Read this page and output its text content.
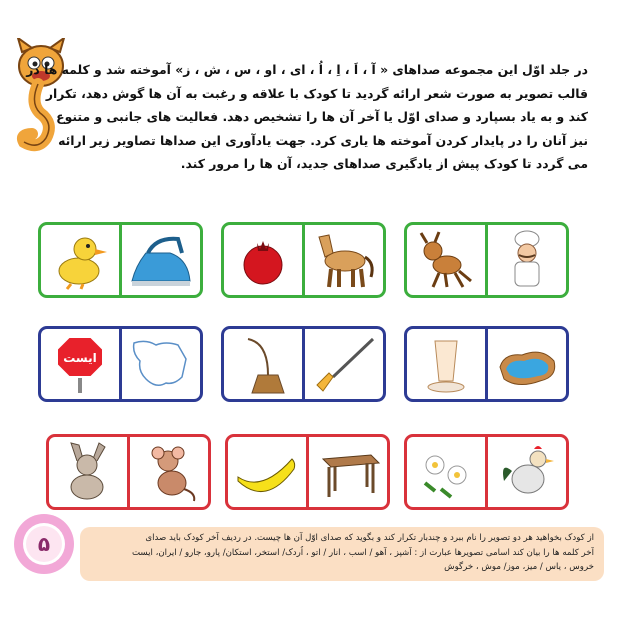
در جلد اوّل این مجموعه صداهای « آ ، اَ ، اِ ، اُ ، ای ، او ، س ، ش ، ز» آموخته شد و کلمه ها در
قالب تصویر به صورت شعر ارائه گردید تا کودک با علاقه و رغبت به آن ها گوش دهد، تکرار
کند و به یاد بسپارد و صدای اوّل یا آخر آن ها را تشخیص دهد. فعالیت های جانبی و متنوع
نیز آنان را در پایدار کردن آموخته ها یاری کرد. جهت یادآوری این صداها تصاویر زیر ارائه
می گردد تا کودک پیش از یادگیری صداهای جدید، آن ها را مرور کند.

ایست
۵	از کودک بخواهید هر دو تصویر را نام ببرد و چندبار تکرار کند و بگوید که صدای اوّل آن ها چیست. در ردیف آخر کودک باید صدای
آخر کلمه ها را بیان کند اسامی تصویرها عبارت از : آشپز ، آهو / اسب ، انار / اتو ، اُردک/ استخر، استکان/ پارو، جارو / ایران، ایست
خروس ، یاس / میز، موز/ موش ، خرگوش
